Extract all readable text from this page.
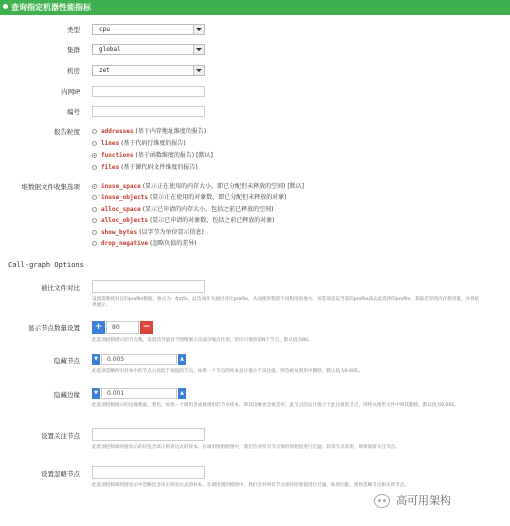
查询指定机器性能指标
类型	cpu
集群	global
机房	zet
内网IP
编号
报告粒度	addresses (基于内存地址维度的报告)
lines (基于代码行维度的报告)
functions (基于函数维度的报告) [默认]
files (基于源代码文件维度的报告)
堆数据文件收集选项	inuse_space (显示正在使用的内存大小，即已分配但未释放的空间) [默认]
inuse_objects (显示正在使用的对象数，即已分配但未释放的对象)
alloc_space (显示已申请的内存大小，包括之前已释放的空间)
alloc_objects (显示已申请的对象数，包括之前已释放的对象)
show_bytes (以字节为单位显示信息)
drop_negative (忽略负值的差异)
Call-graph Options
被比文件对比
设置需要被对比的profile数据，格式为：fmt%，此选项作为通过对比profile，从而使得我的不同程度的地方。该选项是以当前的profile减去此选择的profile，获取差异的内存使用量，并将结果展示。
显示节点数量设置	+	80	−
此选项控制展示的节点数。设置适当值对于图像展示及减少噪点作用，但应只保留前N个节点，默认值为80。
隐藏节点	▼	0.005	▲
此选项忽略所有样本中的节点占比低于该值的节点。如果一个节点的样本总计值小于该比值，则会被从图形中删除，默认值为0.005。
隐藏边缘	▼	0.001	▲
此选项控制展示的边缘数量。着色，如果一个调用者或被调用的节点样本，即其边缘也会被丢弃，此节点的总计值小于此比值的节点，则将从图形文件中将其删除，默认值为0.001。
设置关注节点
此选项控制调用链显示的仅包含该正则表达式的样本。在调用图的绘图中，我们会对所有节点保持原始值进行过滤，其余节点采用，即将保留关注节点。
设置忽略节点
此选项控制调用链显示中忽略包含该正则表达式的样本。在调用图的绘图中，我们会对所有节点保持原始值进行过滤，如果匹配，则将忽略节点相关的节点。
高可用架构
